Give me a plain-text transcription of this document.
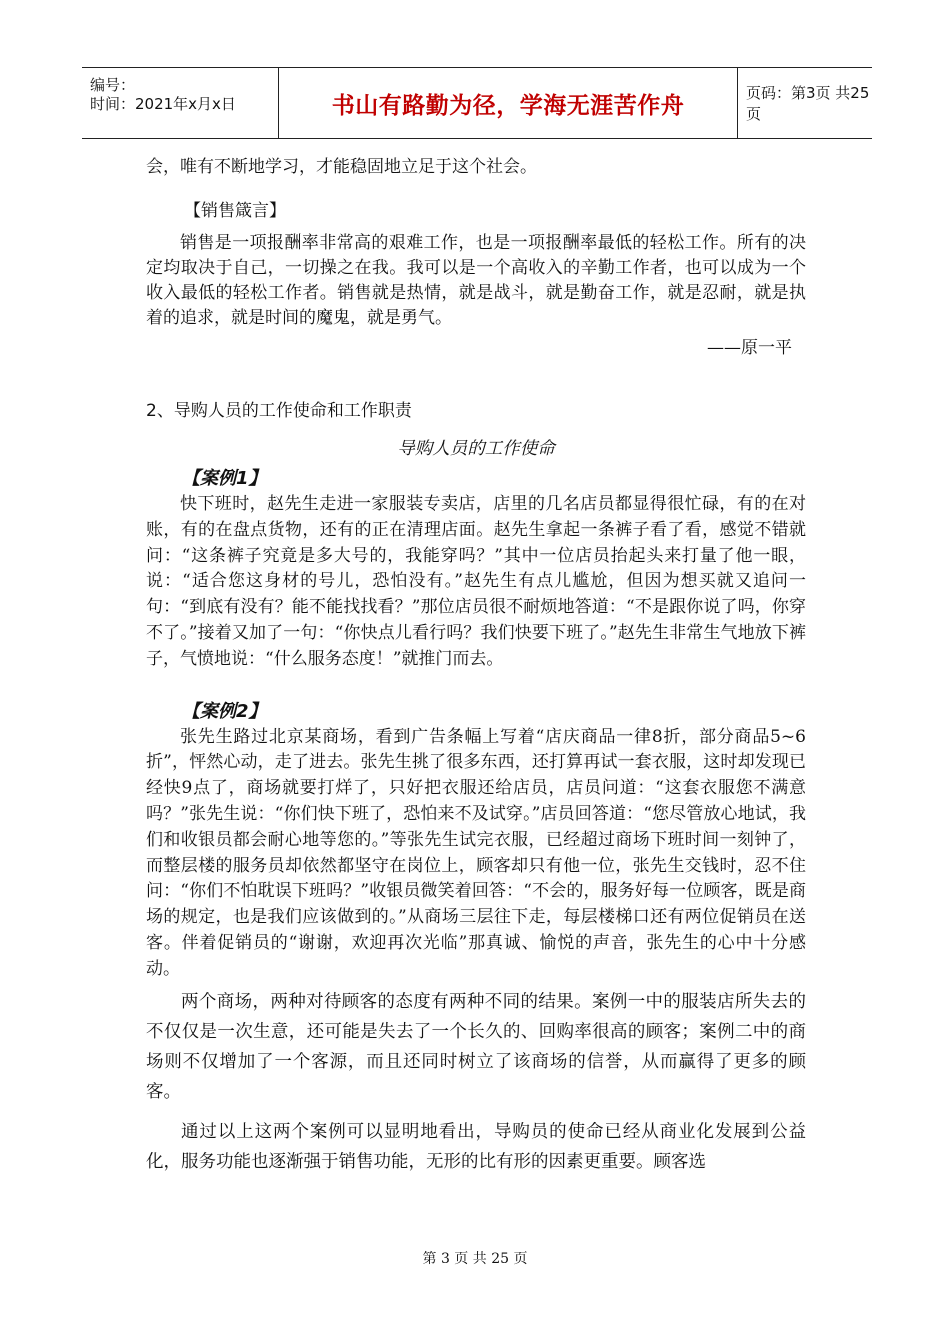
编号：
时间：2021年x月x日	书山有路勤为径，学海无涯苦作舟	页码：第3页 共25页

会，唯有不断地学习，才能稳固地立足于这个社会。

【销售箴言】

销售是一项报酬率非常高的艰难工作，也是一项报酬率最低的轻松工作。所有的决定均取决于自己，一切操之在我。我可以是一个高收入的辛勤工作者，也可以成为一个收入最低的轻松工作者。销售就是热情，就是战斗，就是勤奋工作，就是忍耐，就是执着的追求，就是时间的魔鬼，就是勇气。

——原一平

2、导购人员的工作使命和工作职责

导购人员的工作使命

【案例1】

快下班时，赵先生走进一家服装专卖店，店里的几名店员都显得很忙碌，有的在对账，有的在盘点货物，还有的正在清理店面。赵先生拿起一条裤子看了看，感觉不错就问：“这条裤子究竟是多大号的，我能穿吗？”其中一位店员抬起头来打量了他一眼，说：“适合您这身材的号儿，恐怕没有。”赵先生有点儿尴尬，但因为想买就又追问一句：“到底有没有？能不能找找看？”那位店员很不耐烦地答道：“不是跟你说了吗，你穿不了。”接着又加了一句：“你快点儿看行吗？我们快要下班了。”赵先生非常生气地放下裤子，气愤地说：“什么服务态度！”就推门而去。

【案例2】

张先生路过北京某商场，看到广告条幅上写着“店庆商品一律8折，部分商品5~6折”，怦然心动，走了进去。张先生挑了很多东西，还打算再试一套衣服，这时却发现已经快9点了，商场就要打烊了，只好把衣服还给店员，店员问道：“这套衣服您不满意吗？”张先生说：“你们快下班了，恐怕来不及试穿。”店员回答道：“您尽管放心地试，我们和收银员都会耐心地等您的。”等张先生试完衣服，已经超过商场下班时间一刻钟了，而整层楼的服务员却依然都坚守在岗位上，顾客却只有他一位，张先生交钱时，忍不住问：“你们不怕耽误下班吗？”收银员微笑着回答：“不会的，服务好每一位顾客，既是商场的规定，也是我们应该做到的。”从商场三层往下走，每层楼梯口还有两位促销员在送客。伴着促销员的“谢谢，欢迎再次光临”那真诚、愉悦的声音，张先生的心中十分感动。

两个商场，两种对待顾客的态度有两种不同的结果。案例一中的服装店所失去的不仅仅是一次生意，还可能是失去了一个长久的、回购率很高的顾客；案例二中的商场则不仅增加了一个客源，而且还同时树立了该商场的信誉，从而赢得了更多的顾客。

通过以上这两个案例可以显明地看出，导购员的使命已经从商业化发展到公益化，服务功能也逐渐强于销售功能，无形的比有形的因素更重要。顾客选

第 3 页 共 25 页
